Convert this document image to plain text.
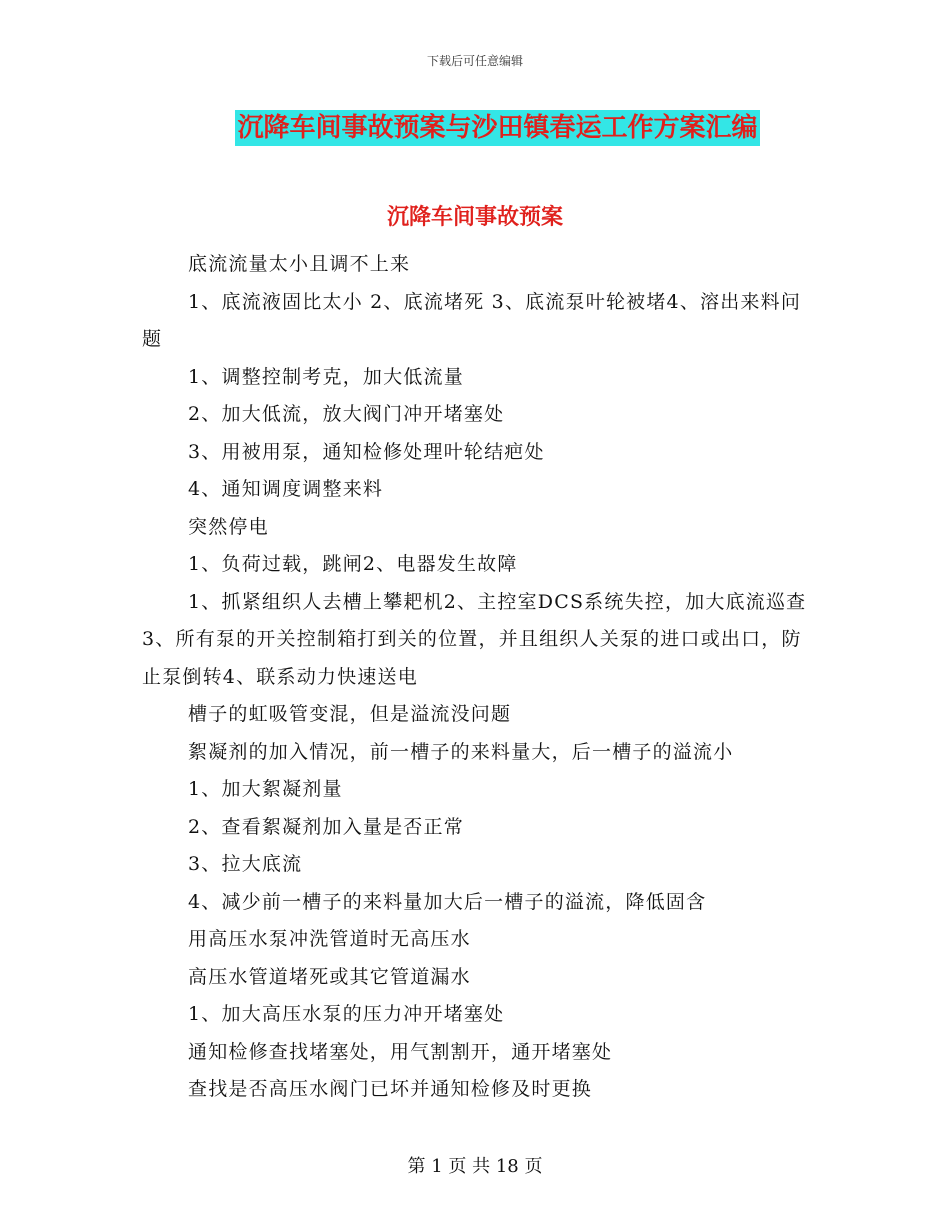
下载后可任意编辑
沉降车间事故预案与沙田镇春运工作方案汇编
沉降车间事故预案

底流流量太小且调不上来

1、底流液固比太小 2、底流堵死 3、底流泵叶轮被堵4、溶出来料问题

1、调整控制考克，加大低流量

2、加大低流，放大阀门冲开堵塞处

3、用被用泵，通知检修处理叶轮结疤处

4、通知调度调整来料

突然停电

1、负荷过载，跳闸2、电器发生故障

1、抓紧组织人去槽上攀耙机2、主控室DCS系统失控，加大底流巡查3、所有泵的开关控制箱打到关的位置，并且组织人关泵的进口或出口，防止泵倒转4、联系动力快速送电

槽子的虹吸管变混，但是溢流没问题

絮凝剂的加入情况，前一槽子的来料量大，后一槽子的溢流小

1、加大絮凝剂量

2、查看絮凝剂加入量是否正常

3、拉大底流

4、减少前一槽子的来料量加大后一槽子的溢流，降低固含

用高压水泵冲洗管道时无高压水

高压水管道堵死或其它管道漏水

1、加大高压水泵的压力冲开堵塞处

通知检修查找堵塞处，用气割割开，通开堵塞处

查找是否高压水阀门已坏并通知检修及时更换

第 1 页 共 18 页
